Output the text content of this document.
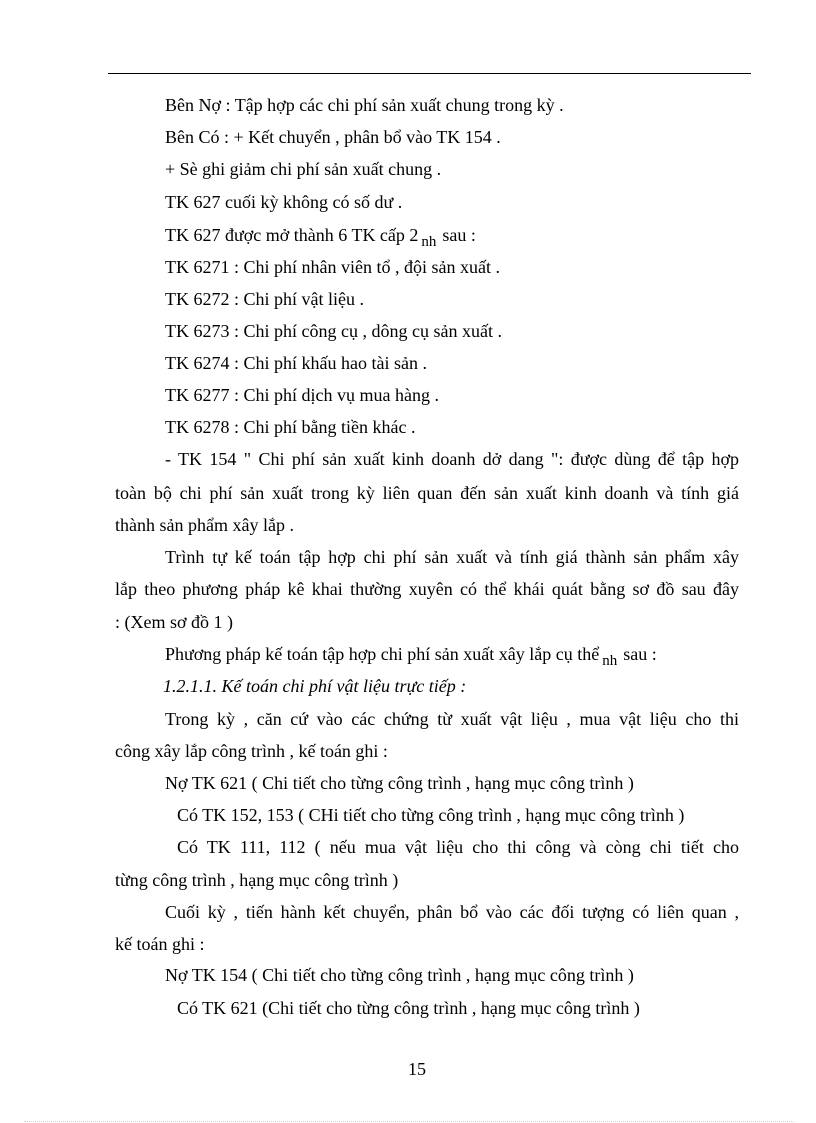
Bên Nợ : Tập hợp các chi phí sản xuất chung trong kỳ .
Bên Có : + Kết chuyển , phân bổ vào TK 154 .
+ Sè ghi giảm chi phí sản xuất chung .
TK 627 cuối kỳ không có số dư .
TK 627 được mở thành 6 TK cấp 2 $_{nh}$ sau :
TK 6271 : Chi phí nhân viên tổ , đội sản xuất .
TK 6272 : Chi phí vật liệu .
TK 6273 : Chi phí công cụ , dông cụ sản xuất .
TK 6274 : Chi phí khấu hao tài sản .
TK 6277 : Chi phí dịch vụ mua hàng .
TK 6278 : Chi phí bằng tiền khác .
- TK 154 " Chi phí sản xuất kinh doanh dở dang ": được dùng để tập hợp
toàn bộ chi phí sản xuất trong kỳ liên quan đến sản xuất kinh doanh và tính giá
thành sản phẩm xây lắp .
Trình tự kế toán tập hợp chi phí sản xuất và tính giá thành sản phẩm xây
lắp theo phương pháp kê khai thường xuyên có thể khái quát bằng sơ đồ sau đây
: (Xem sơ đồ 1 )
Phương pháp kế toán tập hợp chi phí sản xuất xây lắp cụ thể $_{nh}$ sau :
1.2.1.1. Kế toán chi phí vật liệu trực tiếp :
Trong kỳ , căn cứ vào các chứng từ xuất vật liệu , mua vật liệu cho thi
công xây lắp công trình , kế toán ghi :
Nợ TK 621 ( Chi tiết cho từng công trình , hạng mục công trình )
Có TK 152, 153 ( CHi tiết cho từng công trình , hạng mục công trình )
Có TK 111, 112 ( nếu mua vật liệu cho thi công và còng chi tiết cho
từng công trình , hạng mục công trình )
Cuối kỳ , tiến hành kết chuyển, phân bổ vào các đối tượng có liên quan ,
kế toán ghi :
Nợ TK 154 ( Chi tiết cho từng công trình , hạng mục công trình )
Có TK 621 (Chi tiết cho từng công trình , hạng mục công trình )
15
